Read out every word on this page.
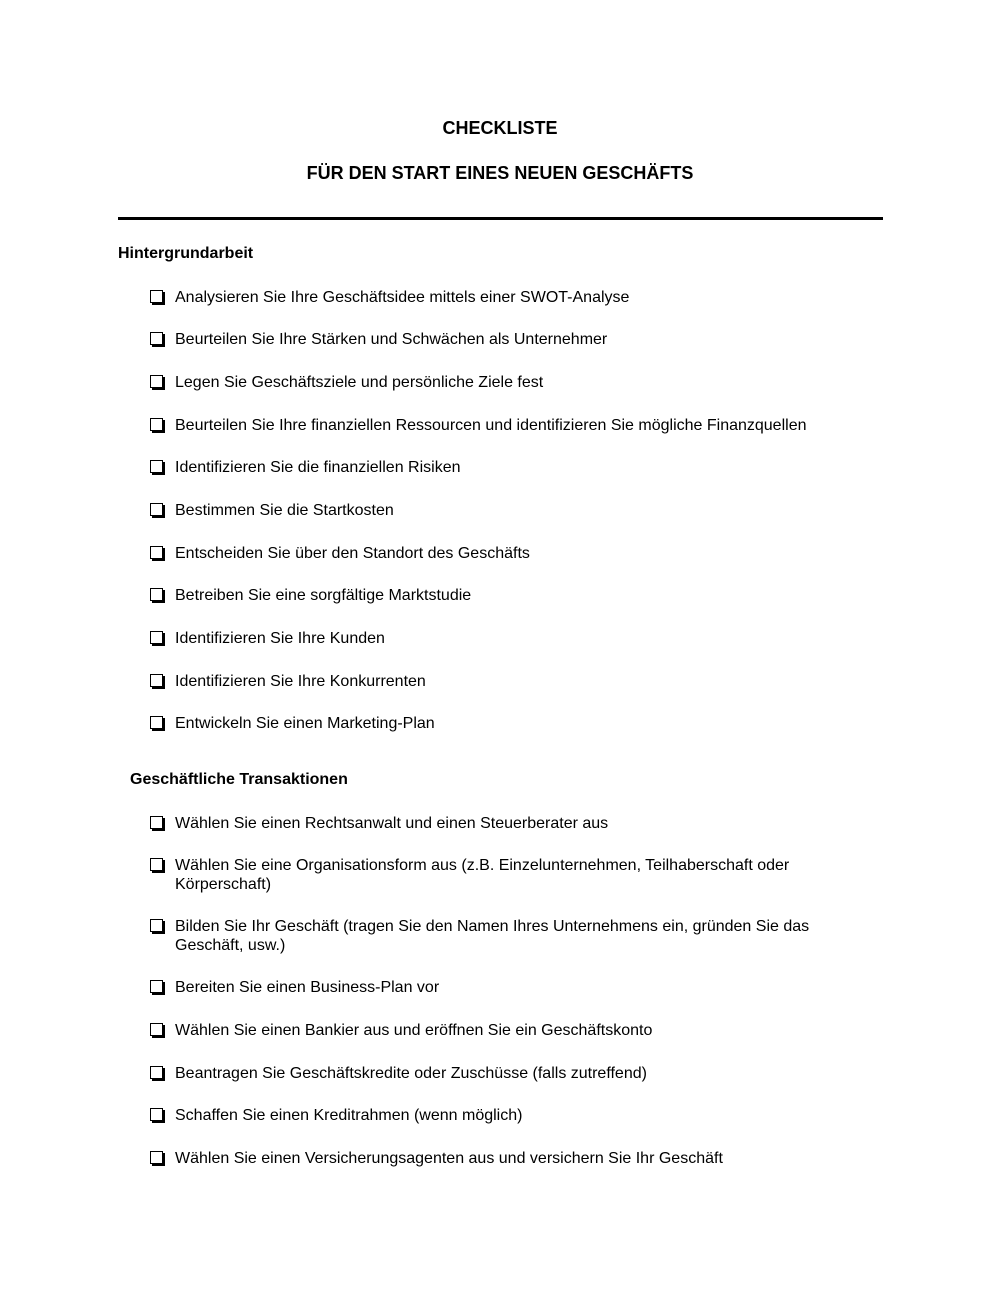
CHECKLISTE
FÜR DEN START EINES NEUEN GESCHÄFTS
Hintergrundarbeit
Analysieren Sie Ihre Geschäftsidee mittels einer SWOT-Analyse
Beurteilen Sie Ihre Stärken und Schwächen als Unternehmer
Legen Sie Geschäftsziele und persönliche Ziele fest
Beurteilen Sie Ihre finanziellen Ressourcen und identifizieren Sie mögliche Finanzquellen
Identifizieren Sie die finanziellen Risiken
Bestimmen Sie die Startkosten
Entscheiden Sie über den Standort des Geschäfts
Betreiben Sie eine sorgfältige Marktstudie
Identifizieren Sie Ihre Kunden
Identifizieren Sie Ihre Konkurrenten
Entwickeln Sie einen Marketing-Plan
Geschäftliche Transaktionen
Wählen Sie einen Rechtsanwalt und einen Steuerberater aus
Wählen Sie eine Organisationsform aus (z.B. Einzelunternehmen, Teilhaberschaft oder Körperschaft)
Bilden Sie Ihr Geschäft (tragen Sie den Namen Ihres Unternehmens ein, gründen Sie das Geschäft, usw.)
Bereiten Sie einen Business-Plan vor
Wählen Sie einen Bankier aus und eröffnen Sie ein Geschäftskonto
Beantragen Sie Geschäftskredite oder Zuschüsse (falls zutreffend)
Schaffen Sie einen Kreditrahmen (wenn möglich)
Wählen Sie einen Versicherungsagenten aus und versichern Sie Ihr Geschäft
